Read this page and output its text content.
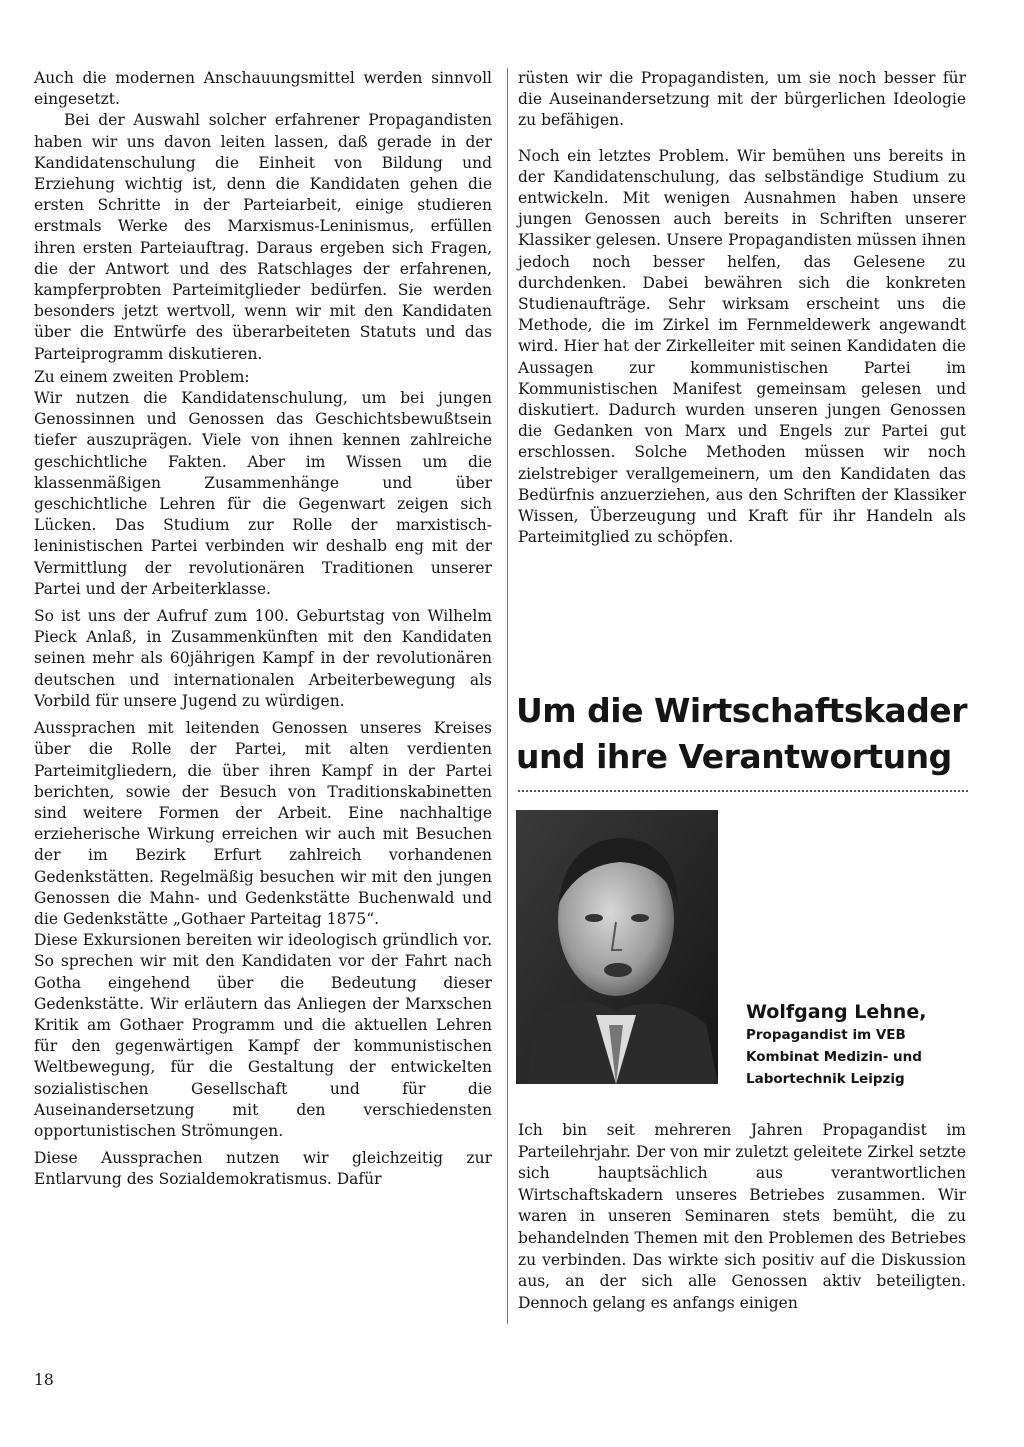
Auch die modernen Anschauungsmittel werden sinnvoll eingesetzt.

Bei der Auswahl solcher erfahrener Propagandisten haben wir uns davon leiten lassen, daß gerade in der Kandidatenschulung die Einheit von Bildung und Erziehung wichtig ist, denn die Kandidaten gehen die ersten Schritte in der Parteiarbeit, einige studieren erstmals Werke des Marxismus-Leninismus, erfüllen ihren ersten Parteiauftrag. Daraus ergeben sich Fragen, die der Antwort und des Ratschlages der erfahrenen, kampferprobten Parteimitglieder bedürfen. Sie werden besonders jetzt wertvoll, wenn wir mit den Kandidaten über die Entwürfe des überarbeiteten Statuts und das Parteiprogramm diskutieren.

Zu einem zweiten Problem:

Wir nutzen die Kandidatenschulung, um bei jungen Genossinnen und Genossen das Geschichtsbewußtsein tiefer auszuprägen. Viele von ihnen kennen zahlreiche geschichtliche Fakten. Aber im Wissen um die klassenmäßigen Zusammenhänge und über geschichtliche Lehren für die Gegenwart zeigen sich Lücken. Das Studium zur Rolle der marxistisch-leninistischen Partei verbinden wir deshalb eng mit der Vermittlung der revolutionären Traditionen unserer Partei und der Arbeiterklasse.

So ist uns der Aufruf zum 100. Geburtstag von Wilhelm Pieck Anlaß, in Zusammenkünften mit den Kandidaten seinen mehr als 60jährigen Kampf in der revolutionären deutschen und internationalen Arbeiterbewegung als Vorbild für unsere Jugend zu würdigen.

Aussprachen mit leitenden Genossen unseres Kreises über die Rolle der Partei, mit alten verdienten Parteimitgliedern, die über ihren Kampf in der Partei berichten, sowie der Besuch von Traditionskabinetten sind weitere Formen der Arbeit. Eine nachhaltige erzieherische Wirkung erreichen wir auch mit Besuchen der im Bezirk Erfurt zahlreich vorhandenen Gedenkstätten. Regelmäßig besuchen wir mit den jungen Genossen die Mahn- und Gedenkstätte Buchenwald und die Gedenkstätte „Gothaer Parteitag 1875“.

Diese Exkursionen bereiten wir ideologisch gründlich vor. So sprechen wir mit den Kandidaten vor der Fahrt nach Gotha eingehend über die Bedeutung dieser Gedenkstätte. Wir erläutern das Anliegen der Marxschen Kritik am Gothaer Programm und die aktuellen Lehren für den gegenwärtigen Kampf der kommunistischen Weltbewegung, für die Gestaltung der entwickelten sozialistischen Gesellschaft und für die Auseinandersetzung mit den verschiedensten opportunistischen Strömungen.

Diese Aussprachen nutzen wir gleichzeitig zur Entlarvung des Sozialdemokratismus. Dafür

rüsten wir die Propagandisten, um sie noch besser für die Auseinandersetzung mit der bürgerlichen Ideologie zu befähigen.

Noch ein letztes Problem. Wir bemühen uns bereits in der Kandidatenschulung, das selbständige Studium zu entwickeln. Mit wenigen Ausnahmen haben unsere jungen Genossen auch bereits in Schriften unserer Klassiker gelesen. Unsere Propagandisten müssen ihnen jedoch noch besser helfen, das Gelesene zu durchdenken. Dabei bewähren sich die konkreten Studienaufträge. Sehr wirksam erscheint uns die Methode, die im Zirkel im Fernmeldewerk angewandt wird. Hier hat der Zirkelleiter mit seinen Kandidaten die Aussagen zur kommunistischen Partei im Kommunistischen Manifest gemeinsam gelesen und diskutiert. Dadurch wurden unseren jungen Genossen die Gedanken von Marx und Engels zur Partei gut erschlossen. Solche Methoden müssen wir noch zielstrebiger verallgemeinern, um den Kandidaten das Bedürfnis anzuerziehen, aus den Schriften der Klassiker Wissen, Überzeugung und Kraft für ihr Handeln als Parteimitglied zu schöpfen.

Um die Wirtschaftskader
und ihre Verantwortung
Wolfgang Lehne,
Propagandist im VEB
Kombinat Medizin- und
Labortechnik Leipzig

Ich bin seit mehreren Jahren Propagandist im Parteilehrjahr. Der von mir zuletzt geleitete Zirkel setzte sich hauptsächlich aus verantwortlichen Wirtschaftskadern unseres Betriebes zusammen. Wir waren in unseren Seminaren stets bemüht, die zu behandelnden Themen mit den Problemen des Betriebes zu verbinden. Das wirkte sich positiv auf die Diskussion aus, an der sich alle Genossen aktiv beteiligten. Dennoch gelang es anfangs einigen

18
